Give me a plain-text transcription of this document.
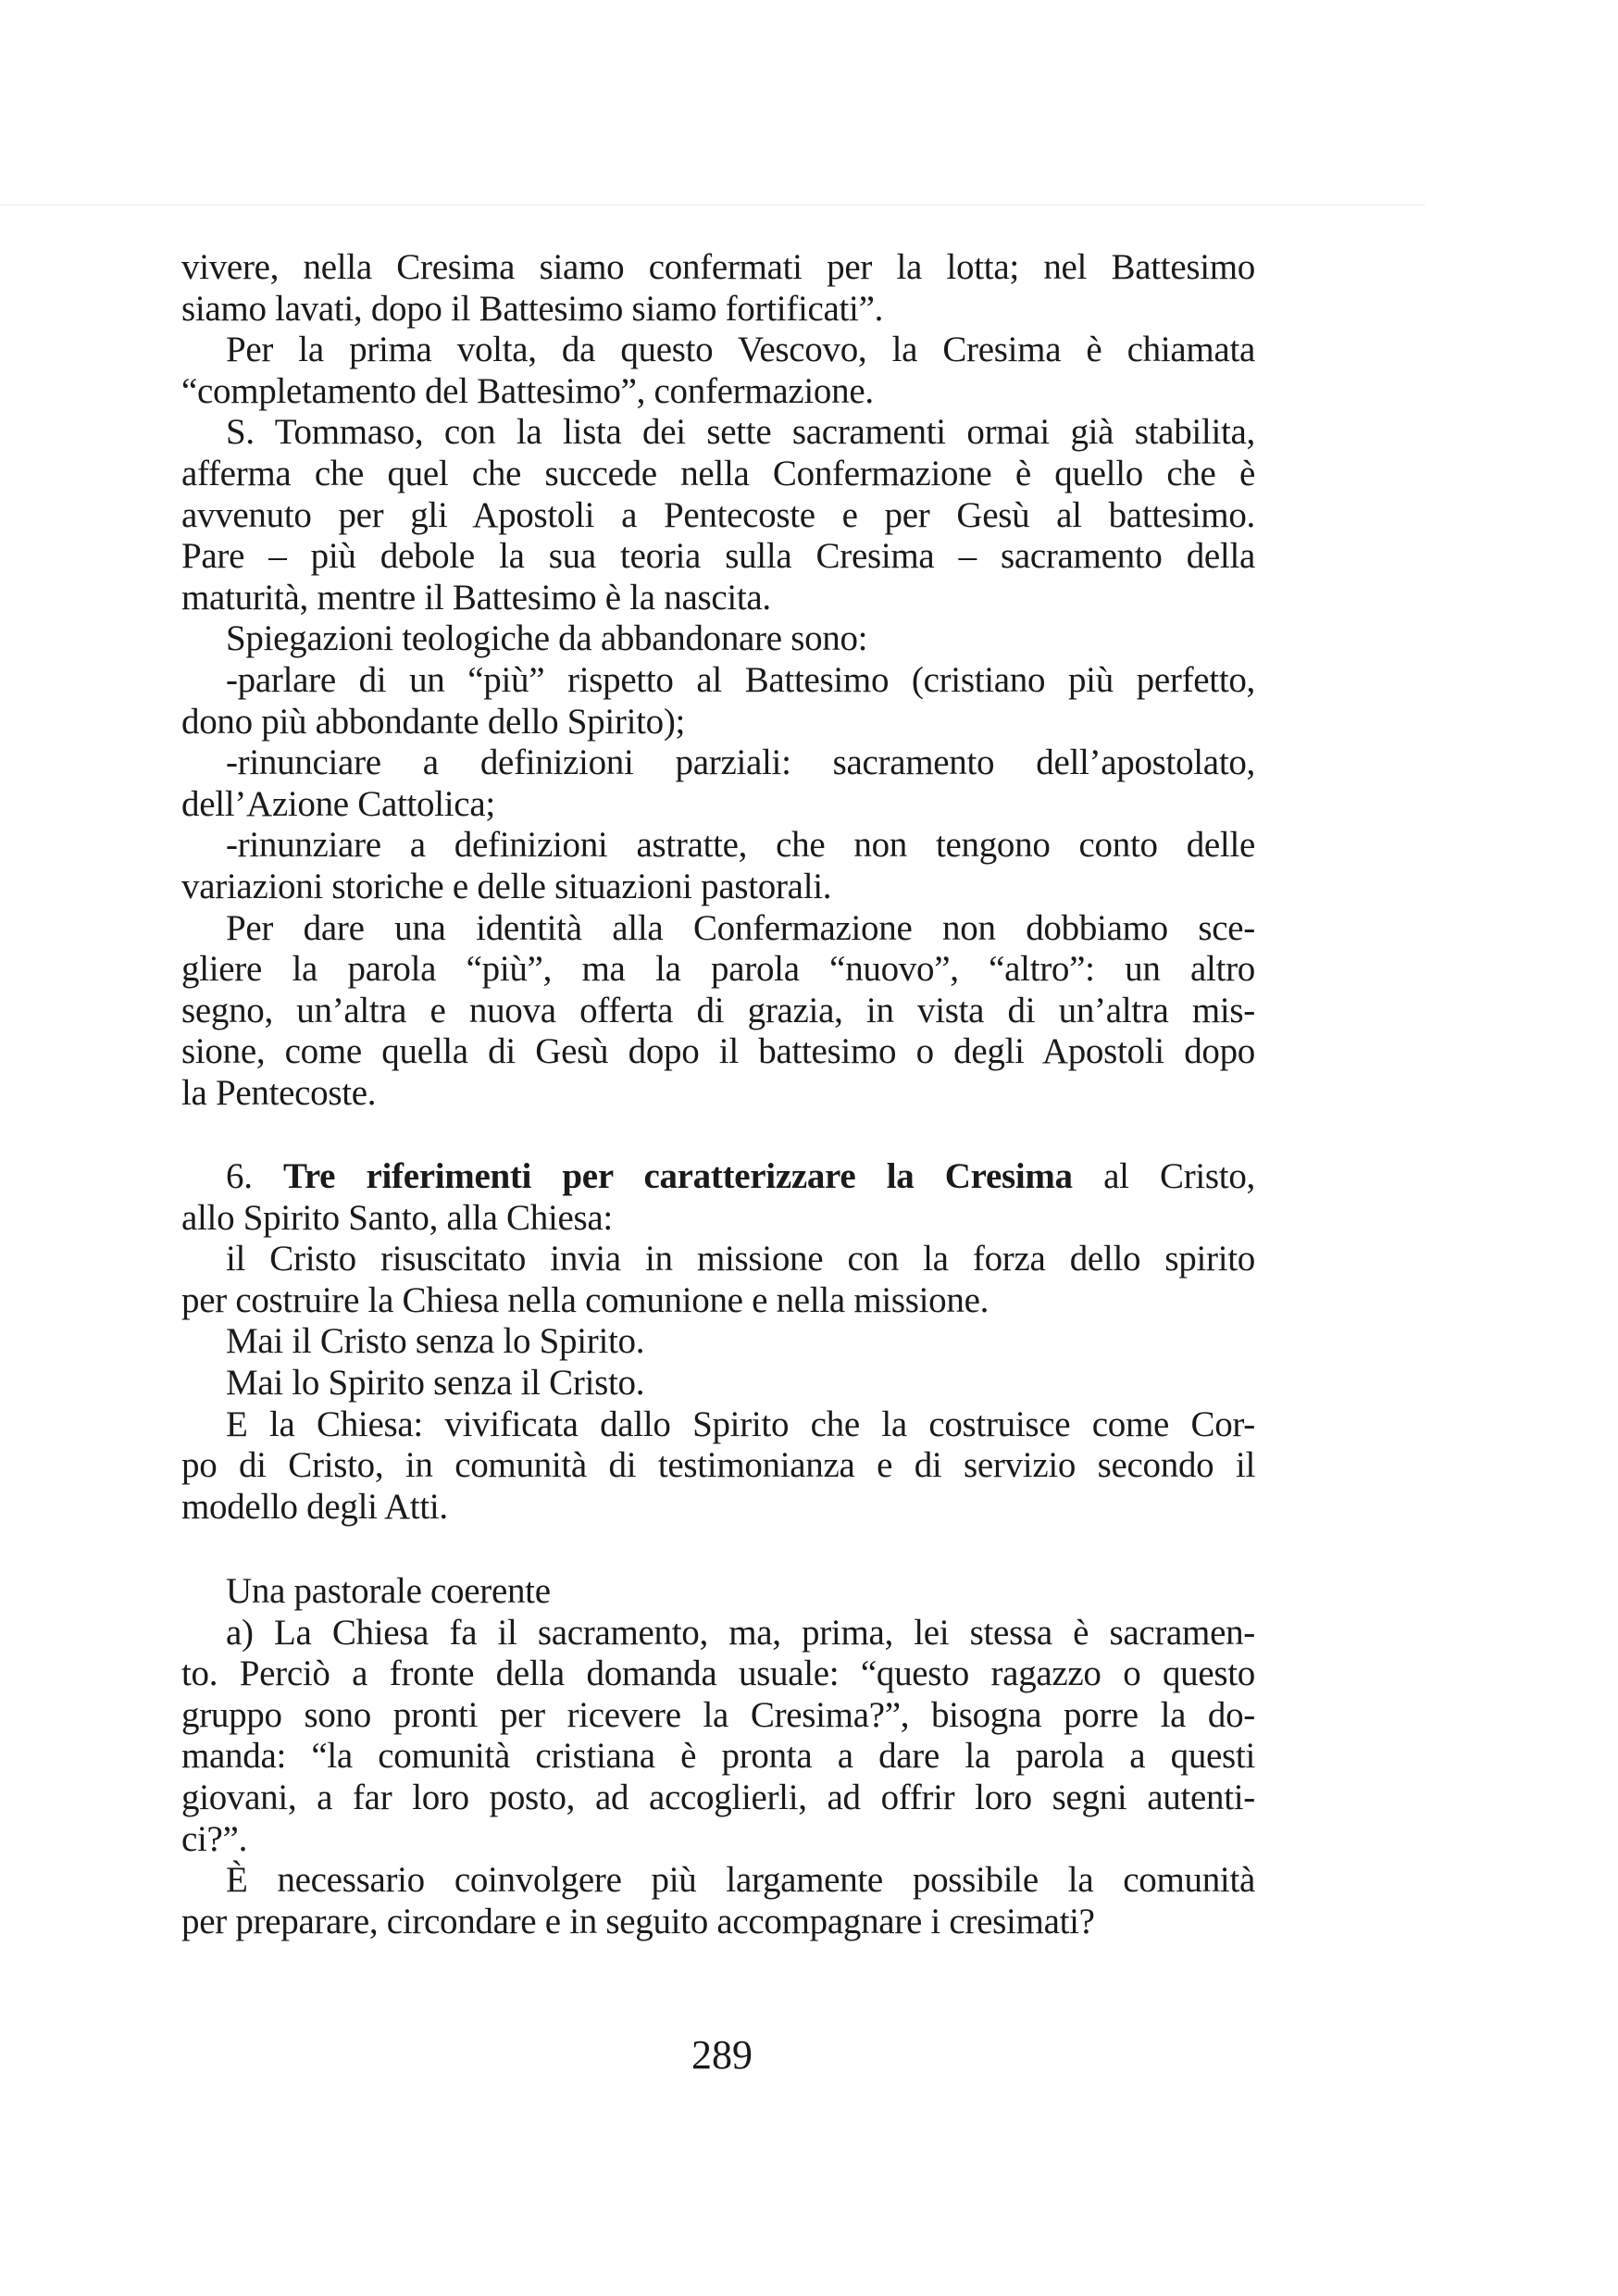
vivere, nella Cresima siamo confermati per la lotta; nel Battesimo
siamo lavati, dopo il Battesimo siamo fortificati”.
Per la prima volta, da questo Vescovo, la Cresima è chiamata
“completamento del Battesimo”, confermazione.
S. Tommaso, con la lista dei sette sacramenti ormai già stabilita,
afferma che quel che succede nella Confermazione è quello che è
avvenuto per gli Apostoli a Pentecoste e per Gesù al battesimo.
Pare – più debole la sua teoria sulla Cresima – sacramento della
maturità, mentre il Battesimo è la nascita.
Spiegazioni teologiche da abbandonare sono:
-parlare di un “più” rispetto al Battesimo (cristiano più perfetto,
dono più abbondante dello Spirito);
-rinunciare a definizioni parziali: sacramento dell’apostolato,
dell’Azione Cattolica;
-rinunziare a definizioni astratte, che non tengono conto delle
variazioni storiche e delle situazioni pastorali.
Per dare una identità alla Confermazione non dobbiamo sce-
gliere la parola “più”, ma la parola “nuovo”, “altro”: un altro
segno, un’altra e nuova offerta di grazia, in vista di un’altra mis-
sione, come quella di Gesù dopo il battesimo o degli Apostoli dopo
la Pentecoste.
6. Tre riferimenti per caratterizzare la Cresima al Cristo,
allo Spirito Santo, alla Chiesa:
il Cristo risuscitato invia in missione con la forza dello spirito
per costruire la Chiesa nella comunione e nella missione.
Mai il Cristo senza lo Spirito.
Mai lo Spirito senza il Cristo.
E la Chiesa: vivificata dallo Spirito che la costruisce come Cor-
po di Cristo, in comunità di testimonianza e di servizio secondo il
modello degli Atti.
Una pastorale coerente
a) La Chiesa fa il sacramento, ma, prima, lei stessa è sacramen-
to. Perciò a fronte della domanda usuale: “questo ragazzo o questo
gruppo sono pronti per ricevere la Cresima?”, bisogna porre la do-
manda: “la comunità cristiana è pronta a dare la parola a questi
giovani, a far loro posto, ad accoglierli, ad offrir loro segni autenti-
ci?”.
È necessario coinvolgere più largamente possibile la comunità
per preparare, circondare e in seguito accompagnare i cresimati?
289
